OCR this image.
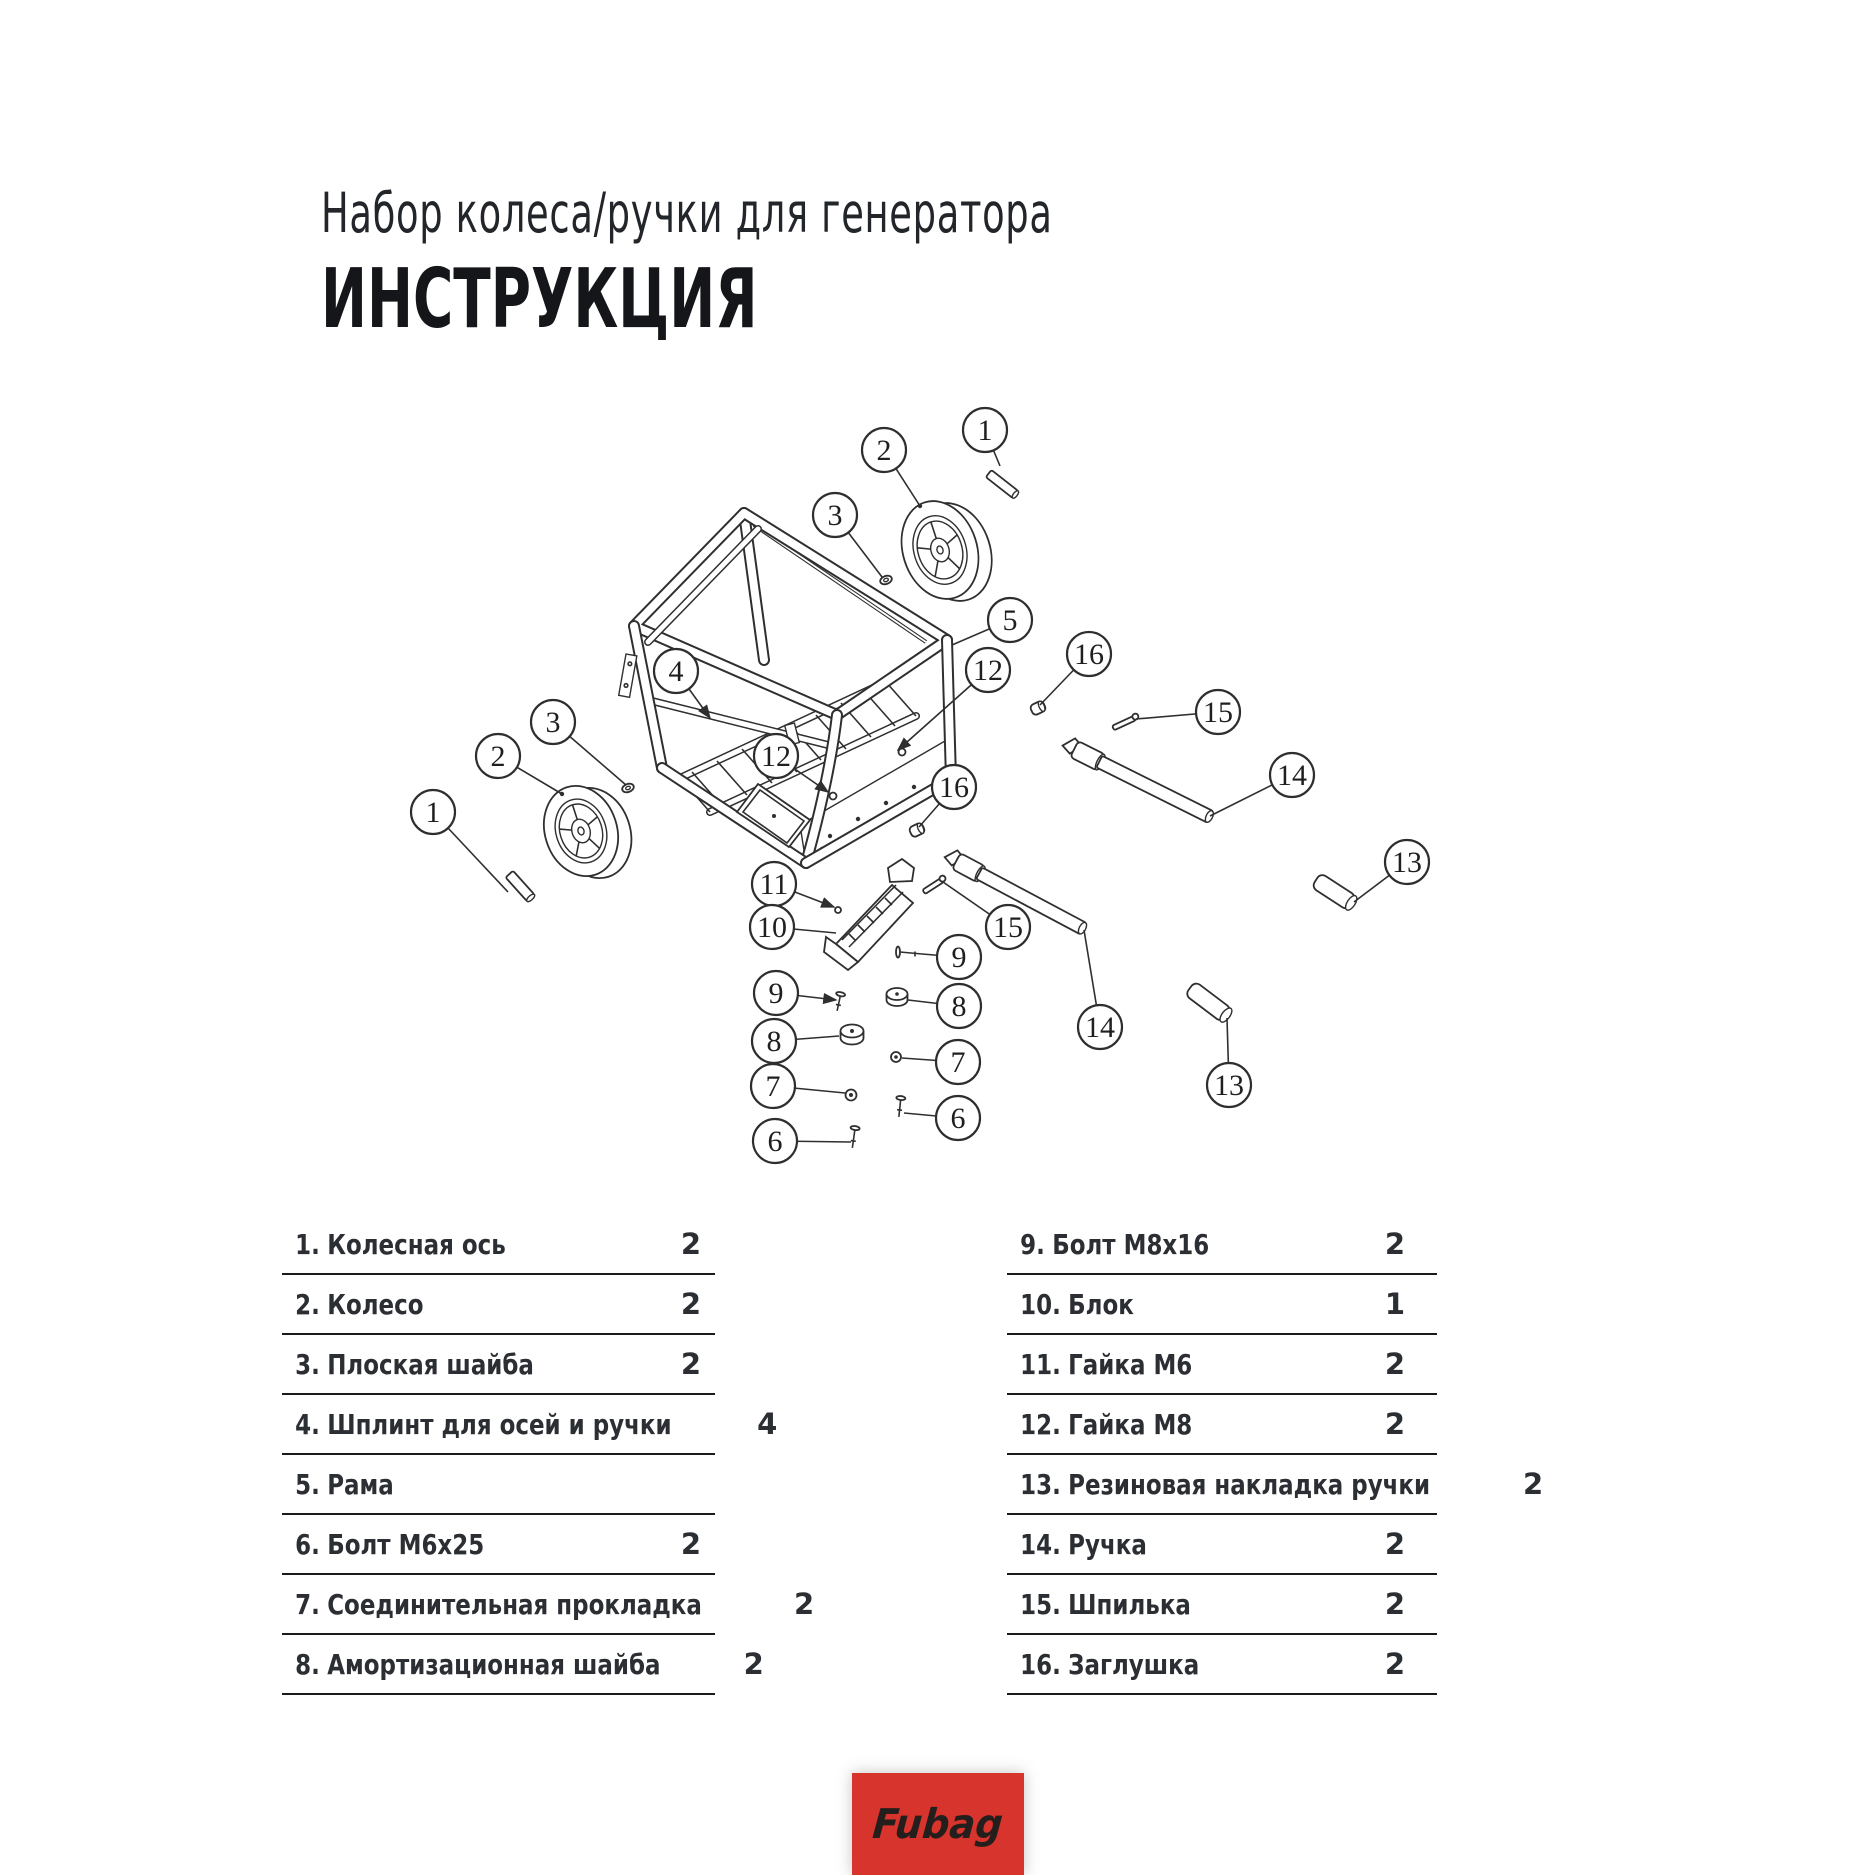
Набор колеса/ручки для генератора
ИНСТРУКЦИЯ
1
2
3
4
5
12 16
15
14
13
12
16
11
10	15
14
13
9
8
7
6
9
8
7
6
2
3
1
1. Колесная ось	2
2. Колесо	2
3. Плоская шайба	2
4. Шплинт для осей и ручки	4
5. Рама
6. Болт M6x25	2
7. Соединительная прокладка	2
8. Амортизационная шайба	2
9. Болт M8x16	2
10. Блок	1
11. Гайка M6	2
12. Гайка M8	2
13. Резиновая накладка ручки	2
14. Ручка	2
15. Шпилька	2
16. Заглушка	2
Fubag
